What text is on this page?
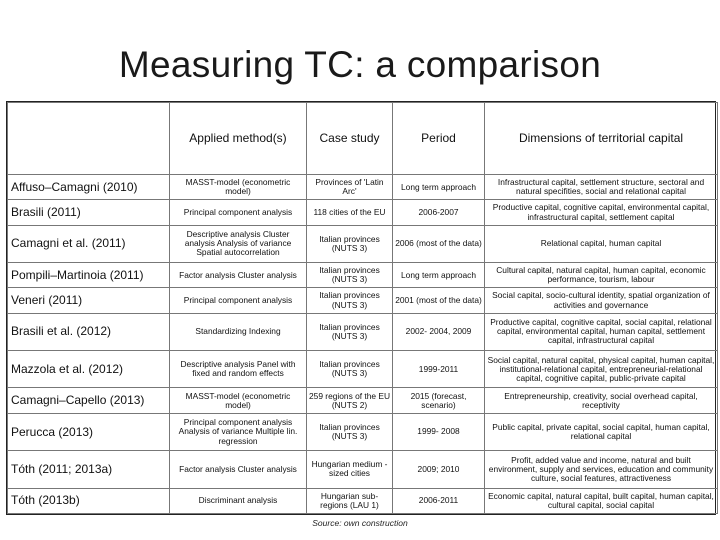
Measuring TC: a comparison
	Applied method(s)	Case study	Period	Dimensions of territorial capital
Affuso–Camagni (2010)	MASST-model (econometric model)	Provinces of 'Latin Arc'	Long term approach	Infrastructural capital, settlement structure, sectoral and natural specifities, social and relational capital
Brasili (2011)	Principal component analysis	118 cities of the EU	2006-2007	Productive capital, cognitive capital, environmental capital, infrastructural capital, settlement capital
Camagni et al. (2011)	Descriptive analysis Cluster analysis Analysis of variance Spatial autocorrelation	Italian provinces (NUTS 3)	2006 (most of the data)	Relational capital, human capital
Pompili–Martinoia (2011)	Factor analysis Cluster analysis	Italian provinces (NUTS 3)	Long term approach	Cultural capital, natural capital, human capital, economic performance, tourism, labour
Veneri (2011)	Principal component analysis	Italian provinces (NUTS 3)	2001 (most of the data)	Social capital, socio-cultural identity, spatial organization of activities and governance
Brasili et al. (2012)	Standardizing Indexing	Italian provinces (NUTS 3)	2002- 2004, 2009	Productive capital, cognitive capital, social capital, relational capital, environmental capital, human capital, settlement capital, infrastructural capital
Mazzola et al. (2012)	Descriptive analysis Panel with fixed and random effects	Italian provinces (NUTS 3)	1999-2011	Social capital, natural capital, physical capital, human capital, institutional-relational capital, entrepreneurial-relational capital, cognitive capital, public-private capital
Camagni–Capello (2013)	MASST-model (econometric model)	259 regions of the EU (NUTS 2)	2015 (forecast, scenario)	Entrepreneurship, creativity, social overhead capital, receptivity
Perucca (2013)	Principal component analysis Analysis of variance Multiple lin. regression	Italian provinces (NUTS 3)	1999- 2008	Public capital, private capital, social capital, human capital, relational capital
Tóth (2011; 2013a)	Factor analysis Cluster analysis	Hungarian medium -sized cities	2009; 2010	Profit, added value and income, natural and built environment, supply and services, education and community culture, social features, attractiveness
Tóth (2013b)	Discriminant analysis	Hungarian sub-regions (LAU 1)	2006-2011	Economic capital, natural capital, built capital, human capital, cultural capital, social capital
Source: own construction
